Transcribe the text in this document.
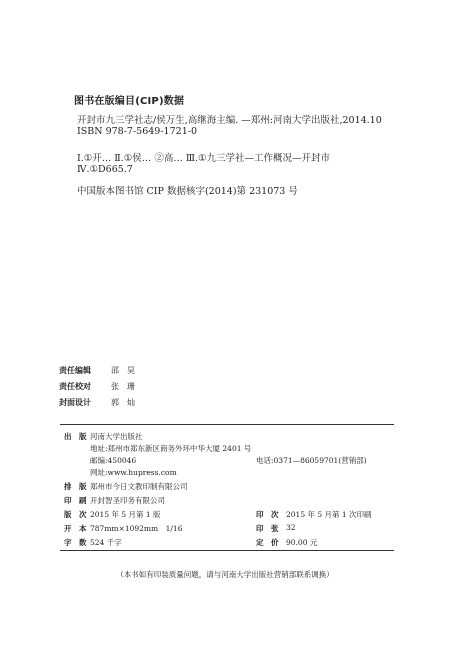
图书在版编目(CIP)数据
开封市九三学社志/侯万生,高继海主编. —郑州:河南大学出版社,2014.10
ISBN 978-7-5649-1721-0
Ⅰ.①开… Ⅱ.①侯… ②高… Ⅲ.①九三学社—工作概况—开封市
Ⅳ.①D665.7
中国版本图书馆 CIP 数据核字(2014)第 231073 号
责任编辑	邵　昊
责任校对	张　珊
封面设计	郭　灿
出　版 河南大学出版社
地址:郑州市郑东新区商务外环中华大厦 2401 号
邮编:450046	电话:0371—86059701(营销部)
网址:www.hupress.com
排　版 郑州市今日文教印制有限公司
印　刷 开封智圣印务有限公司
版　次 2015 年 5 月第 1 版	印　次 2015 年 5 月第 1 次印刷
开　本 787mm×1092mm　1/16	印　张 32
字　数 524 千字	定　价 90.00 元
（本书如有印装质量问题，请与河南大学出版社营销部联系调换）
